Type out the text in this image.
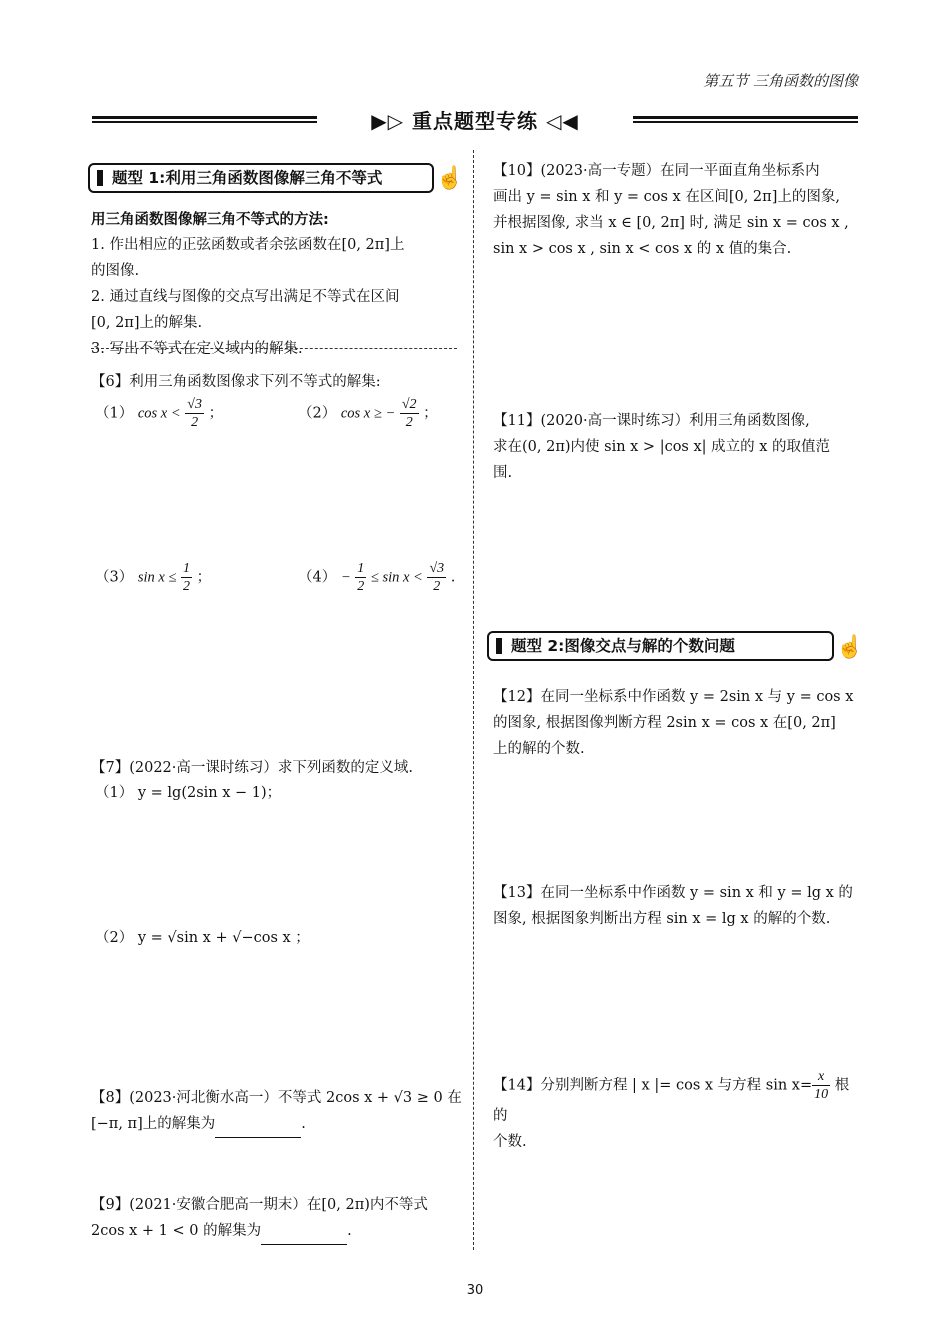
第五节 三角函数的图像
▶▷ 重点题型专练 ◁◀
题型 1:利用三角函数图像解三角不等式	☝
用三角函数图像解三角不等式的方法:
1. 作出相应的正弦函数或者余弦函数在[0, 2π]上
的图像.
2. 通过直线与图像的交点写出满足不等式在区间
[0, 2π]上的解集.
3. 写出不等式在定义域内的解集.
【6】利用三角函数图像求下列不等式的解集:
（1） $\cos x < \frac{√3}{2}$ ；	（2） cos x ≥ − $\frac{√2}{2}$ ；
（3） $\sin x \le \frac{1}{2}$ ；	$(4) - \frac{1}{2} \le \sin x < \frac{√3}{2}$ .
【7】(2022·高一课时练习）求下列函数的定义域.
（1） y = lg(2sin x − 1)；
（2） y = √sin x + √−cos x ；
【8】(2023·河北衡水高一）不等式 2cos x + √3 ≥ 0 在
[−π, π]上的解集为	.
【9】(2021·安徽合肥高一期末）在[0, 2π)内不等式
2cos x + 1 < 0 的解集为	.
【10】(2023·高一专题）在同一平面直角坐标系内
画出 y = sin x 和 y = cos x 在区间[0, 2π]上的图象,
并根据图像, 求当 x ∈ [0, 2π] 时, 满足 sin x = cos x ,
sin x > cos x , sin x < cos x 的 x 值的集合.
【11】(2020·高一课时练习）利用三角函数图像,
求在(0, 2π)内使 sin x > |cos x| 成立的 x 的取值范
围.
题型 2:图像交点与解的个数问题	☝
【12】在同一坐标系中作函数 y = 2sin x 与 y = cos x
的图象, 根据图像判断方程 2sin x = cos x 在[0, 2π]
上的解的个数.
【13】在同一坐标系中作函数 y = sin x 和 y = lg x 的
图象, 根据图象判断出方程 sin x = lg x 的解的个数.
【14】分别判断方程 | x |= cos x 与方程 $\sin x= \frac{x}{10}$ 根的
个数.
30
